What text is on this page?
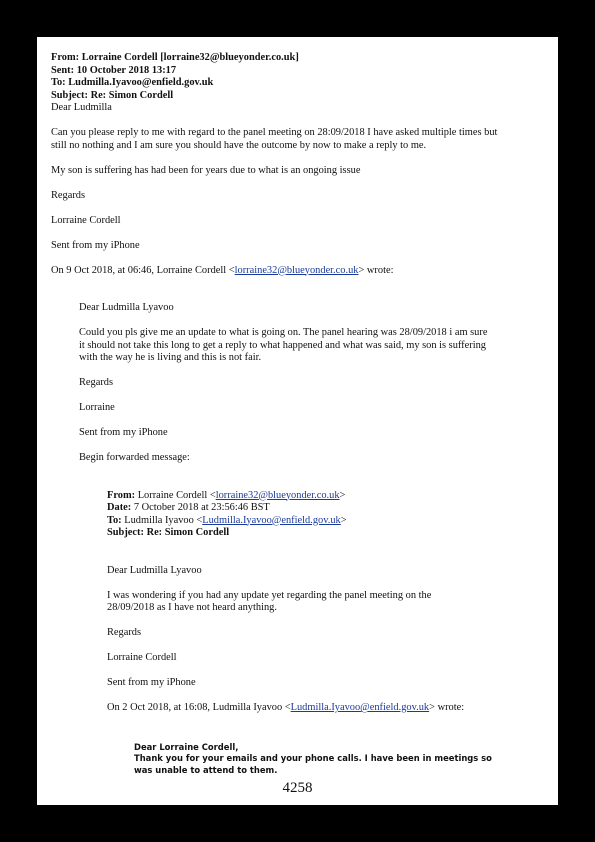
From: Lorraine Cordell [lorraine32@blueyonder.co.uk]
Sent: 10 October 2018 13:17
To: Ludmilla.Iyavoo@enfield.gov.uk
Subject: Re: Simon Cordell
Dear Ludmilla
Can you please reply to me with regard to the panel meeting on 28:09/2018 I have asked multiple times but
still no nothing and I am sure you should have the outcome by now to make a reply to me.
My son is suffering has had been for years due to what is an ongoing issue
Regards
Lorraine Cordell
Sent from my iPhone
On 9 Oct 2018, at 06:46, Lorraine Cordell <lorraine32@blueyonder.co.uk> wrote:
Dear Ludmilla Lyavoo
Could you pls give me an update to what is going on. The panel hearing was 28/09/2018 i am sure
it should not take this long to get a reply to what happened and what was said, my son is suffering
with the way he is living and this is not fair.
Regards
Lorraine
Sent from my iPhone
Begin forwarded message:
From: Lorraine Cordell <lorraine32@blueyonder.co.uk>
Date: 7 October 2018 at 23:56:46 BST
To: Ludmilla Iyavoo <Ludmilla.Iyavoo@enfield.gov.uk>
Subject: Re: Simon Cordell
Dear Ludmilla Lyavoo
I was wondering if you had any update yet regarding the panel meeting on the
28/09/2018 as I have not heard anything.
Regards
Lorraine Cordell
Sent from my iPhone
On 2 Oct 2018, at 16:08, Ludmilla Iyavoo <Ludmilla.Iyavoo@enfield.gov.uk> wrote:
Dear Lorraine Cordell,
Thank you for your emails and your phone calls. I have been in meetings so
was unable to attend to them.
4258
